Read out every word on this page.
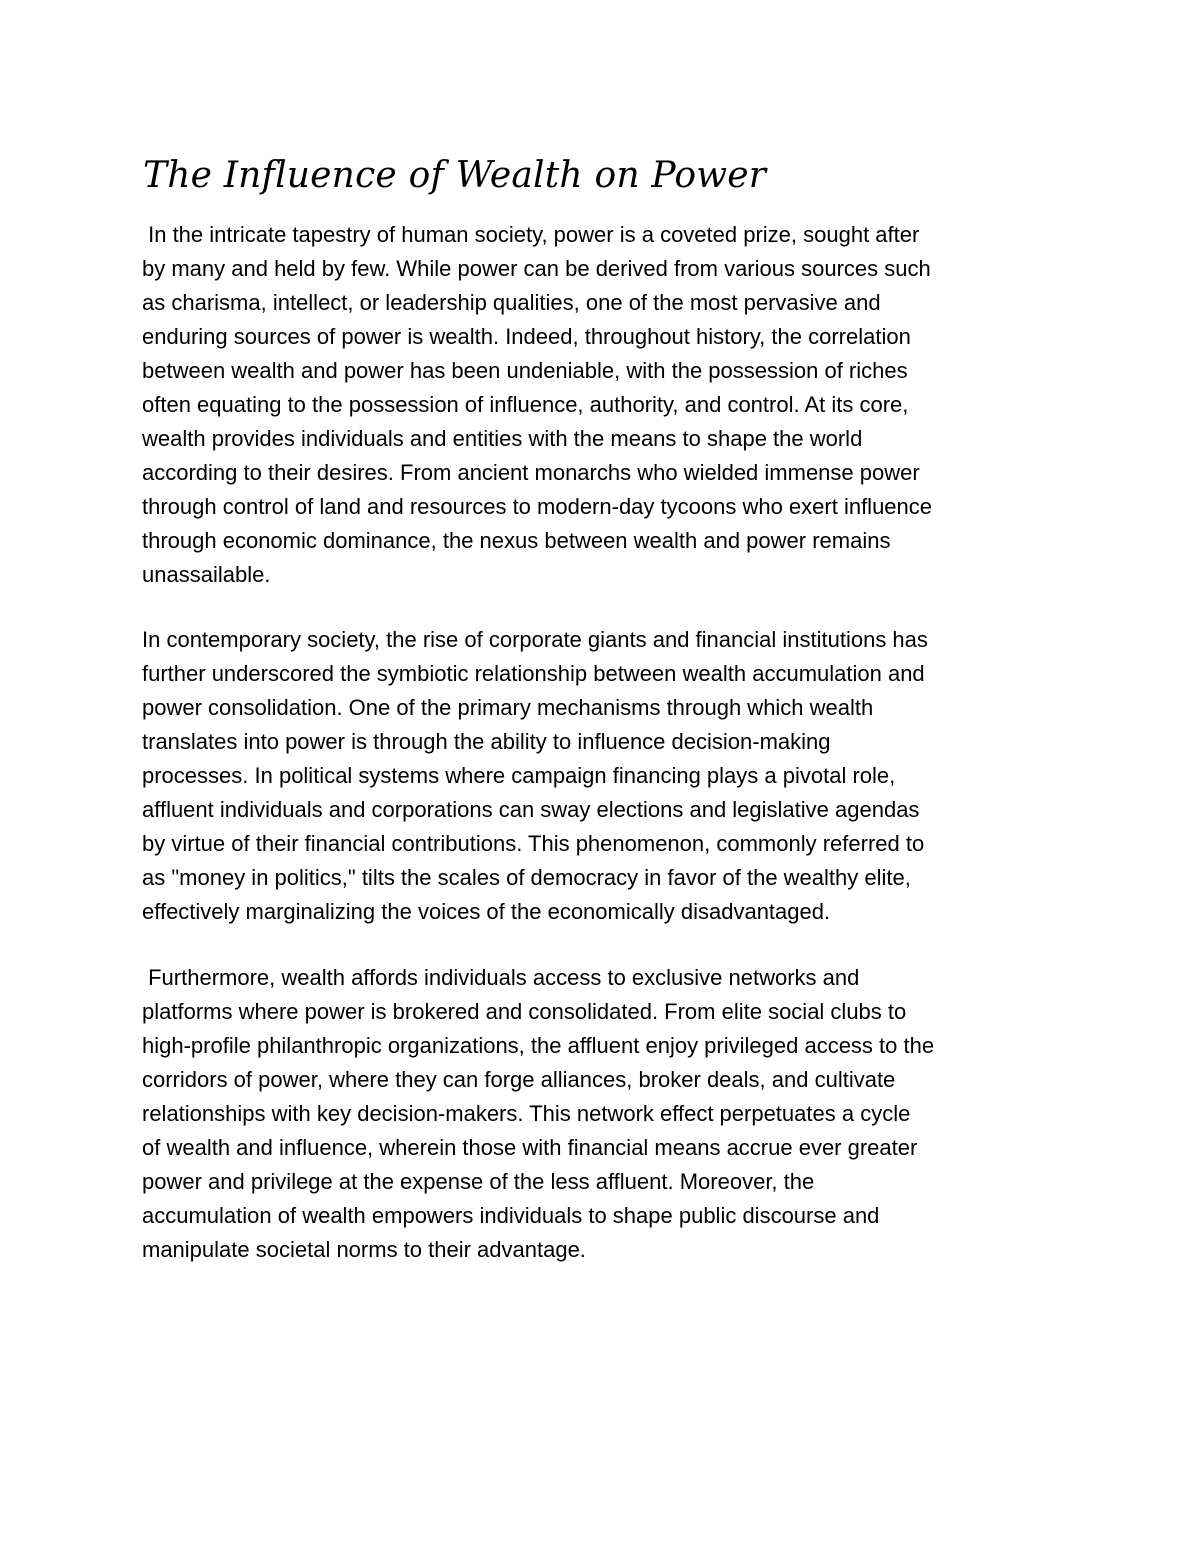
The Influence of Wealth on Power
In the intricate tapestry of human society, power is a coveted prize, sought after
by many and held by few. While power can be derived from various sources such
as charisma, intellect, or leadership qualities, one of the most pervasive and
enduring sources of power is wealth. Indeed, throughout history, the correlation
between wealth and power has been undeniable, with the possession of riches
often equating to the possession of influence, authority, and control. At its core,
wealth provides individuals and entities with the means to shape the world
according to their desires. From ancient monarchs who wielded immense power
through control of land and resources to modern-day tycoons who exert influence
through economic dominance, the nexus between wealth and power remains
unassailable.
In contemporary society, the rise of corporate giants and financial institutions has
further underscored the symbiotic relationship between wealth accumulation and
power consolidation. One of the primary mechanisms through which wealth
translates into power is through the ability to influence decision-making
processes. In political systems where campaign financing plays a pivotal role,
affluent individuals and corporations can sway elections and legislative agendas
by virtue of their financial contributions. This phenomenon, commonly referred to
as "money in politics," tilts the scales of democracy in favor of the wealthy elite,
effectively marginalizing the voices of the economically disadvantaged.
Furthermore, wealth affords individuals access to exclusive networks and
platforms where power is brokered and consolidated. From elite social clubs to
high-profile philanthropic organizations, the affluent enjoy privileged access to the
corridors of power, where they can forge alliances, broker deals, and cultivate
relationships with key decision-makers. This network effect perpetuates a cycle
of wealth and influence, wherein those with financial means accrue ever greater
power and privilege at the expense of the less affluent. Moreover, the
accumulation of wealth empowers individuals to shape public discourse and
manipulate societal norms to their advantage.
